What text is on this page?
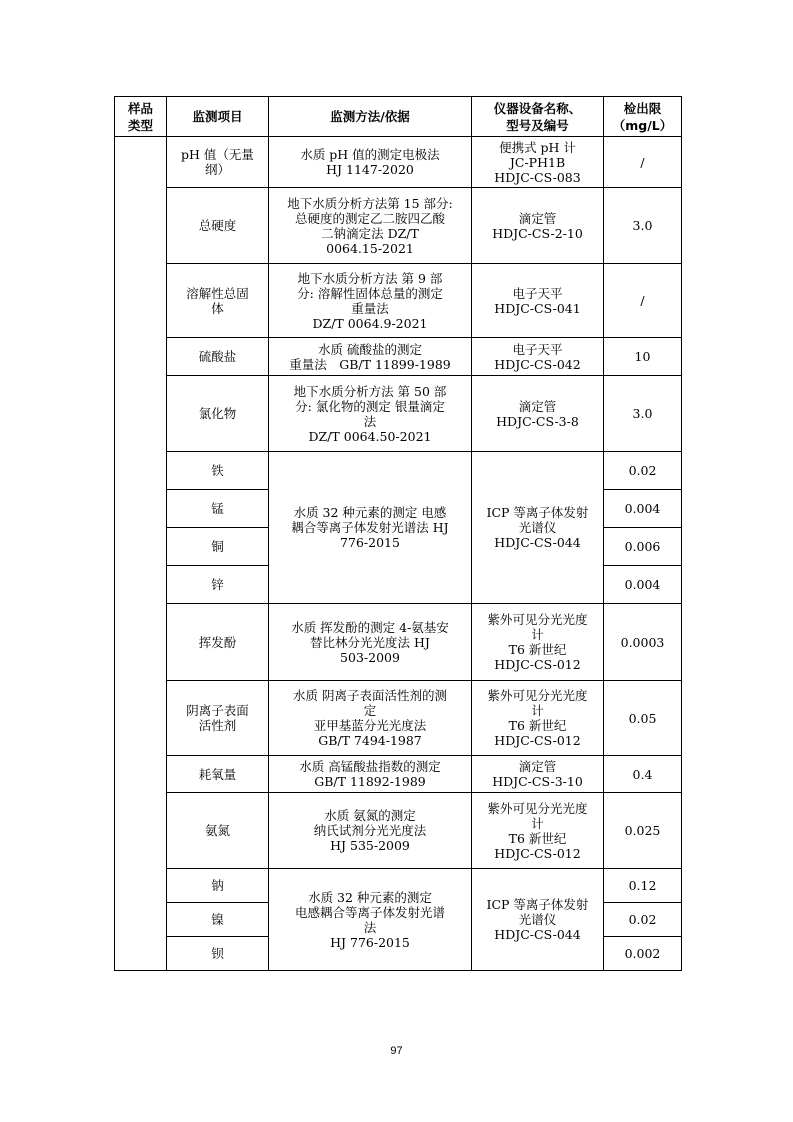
样品
类型	监测项目	监测方法/依据	仪器设备名称、
型号及编号	检出限
（mg/L）
	pH 值（无量
纲）	水质 pH 值的测定电极法
HJ 1147-2020	便携式 pH 计
JC-PH1B
HDJC-CS-083	/
	总硬度	地下水质分析方法第 15 部分:
总硬度的测定乙二胺四乙酸
二钠滴定法 DZ/T
0064.15-2021	滴定管
HDJC-CS-2-10	3.0
	溶解性总固
体	地下水质分析方法 第 9 部
分: 溶解性固体总量的测定
重量法
DZ/T 0064.9-2021	电子天平
HDJC-CS-041	/
	硫酸盐	水质 硫酸盐的测定
重量法　GB/T 11899-1989	电子天平
HDJC-CS-042	10
	氯化物	地下水质分析方法 第 50 部
分: 氯化物的测定 银量滴定
法
DZ/T 0064.50-2021	滴定管
HDJC-CS-3-8	3.0
	铁	水质 32 种元素的测定 电感
耦合等离子体发射光谱法 HJ
776-2015	ICP 等离子体发射
光谱仪
HDJC-CS-044	0.02
	锰			0.004
	铜			0.006
	锌			0.004
	挥发酚	水质 挥发酚的测定 4-氨基安
替比林分光光度法 HJ
503-2009	紫外可见分光光度
计
T6 新世纪
HDJC-CS-012	0.0003
	阴离子表面
活性剂	水质 阴离子表面活性剂的测
定
亚甲基蓝分光光度法
GB/T 7494-1987	紫外可见分光光度
计
T6 新世纪
HDJC-CS-012	0.05
	耗氧量	水质 高锰酸盐指数的测定
GB/T 11892-1989	滴定管
HDJC-CS-3-10	0.4
	氨氮	水质 氨氮的测定
纳氏试剂分光光度法
HJ 535-2009	紫外可见分光光度
计
T6 新世纪
HDJC-CS-012	0.025
	钠	水质 32 种元素的测定
电感耦合等离子体发射光谱
法
HJ 776-2015	ICP 等离子体发射
光谱仪
HDJC-CS-044	0.12
	镍			0.02
	钡			0.002
97
